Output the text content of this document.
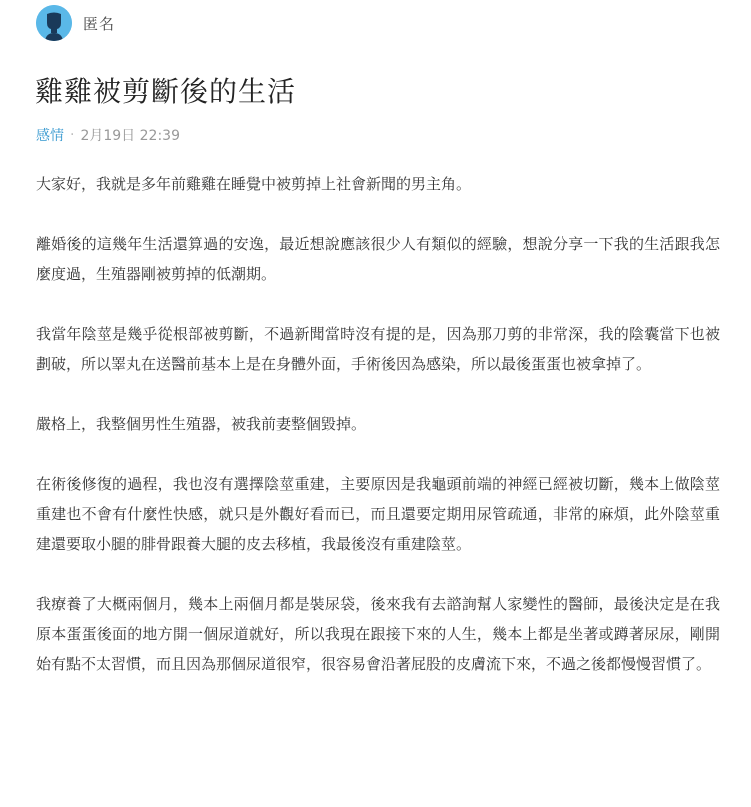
匿名
雞雞被剪斷後的生活
感情 · 2月19日 22:39

大家好，我就是多年前雞雞在睡覺中被剪掉上社會新聞的男主角。

離婚後的這幾年生活還算過的安逸，最近想說應該很少人有類似的經驗，想說分享一下我的生活跟我怎麼度過，生殖器剛被剪掉的低潮期。

我當年陰莖是幾乎從根部被剪斷，不過新聞當時沒有提的是，因為那刀剪的非常深，我的陰囊當下也被劃破，所以睪丸在送醫前基本上是在身體外面，手術後因為感染，所以最後蛋蛋也被拿掉了。

嚴格上，我整個男性生殖器，被我前妻整個毀掉。

在術後修復的過程，我也沒有選擇陰莖重建，主要原因是我龜頭前端的神經已經被切斷，幾本上做陰莖重建也不會有什麼性快感，就只是外觀好看而已，而且還要定期用尿管疏通，非常的麻煩，此外陰莖重建還要取小腿的腓骨跟養大腿的皮去移植，我最後沒有重建陰莖。

我療養了大概兩個月，幾本上兩個月都是裝尿袋，後來我有去諮詢幫人家變性的醫師，最後決定是在我原本蛋蛋後面的地方開一個尿道就好，所以我現在跟接下來的人生，幾本上都是坐著或蹲著尿尿，剛開始有點不太習慣，而且因為那個尿道很窄，很容易會沿著屁股的皮膚流下來，不過之後都慢慢習慣了。
